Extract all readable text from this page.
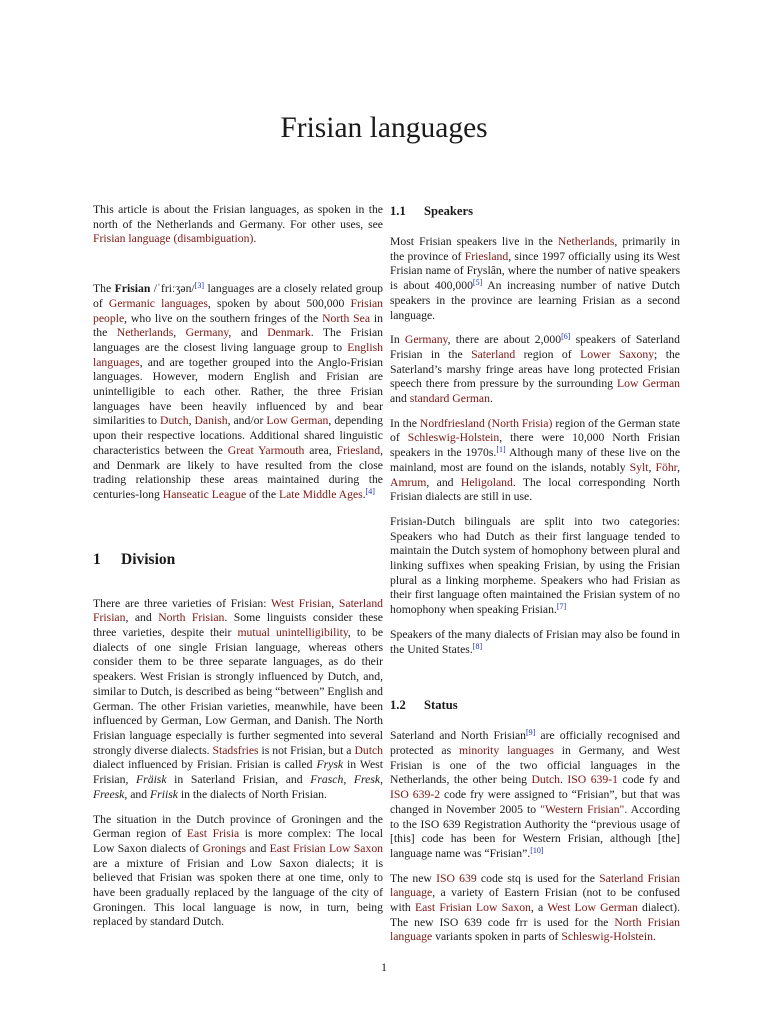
Frisian languages

This article is about the Frisian languages, as spoken in the north of the Netherlands and Germany. For other uses, see Frisian language (disambiguation).

The Frisian /ˈfriːʒən/[3] languages are a closely related group of Germanic languages, spoken by about 500,000 Frisian people, who live on the southern fringes of the North Sea in the Netherlands, Germany, and Denmark. The Frisian languages are the closest living language group to English languages, and are together grouped into the Anglo-Frisian languages. However, modern English and Frisian are unintelligible to each other. Rather, the three Frisian languages have been heavily influenced by and bear similarities to Dutch, Danish, and/or Low German, depending upon their respective locations. Additional shared linguistic characteristics between the Great Yarmouth area, Friesland, and Denmark are likely to have resulted from the close trading relationship these areas maintained during the centuries-long Hanseatic League of the Late Middle Ages.[4]

1 Division

There are three varieties of Frisian: West Frisian, Saterland Frisian, and North Frisian. Some linguists consider these three varieties, despite their mutual unintelligibility, to be dialects of one single Frisian language, whereas others consider them to be three separate languages, as do their speakers. West Frisian is strongly influenced by Dutch, and, similar to Dutch, is described as being “between” English and German. The other Frisian varieties, meanwhile, have been influenced by German, Low German, and Danish. The North Frisian language especially is further segmented into several strongly diverse dialects. Stadsfries is not Frisian, but a Dutch dialect influenced by Frisian. Frisian is called Frysk in West Frisian, Fräisk in Saterland Frisian, and Frasch, Fresk, Freesk, and Friisk in the dialects of North Frisian.

The situation in the Dutch province of Groningen and the German region of East Frisia is more complex: The local Low Saxon dialects of Gronings and East Frisian Low Saxon are a mixture of Frisian and Low Saxon dialects; it is believed that Frisian was spoken there at one time, only to have been gradually replaced by the language of the city of Groningen. This local language is now, in turn, being replaced by standard Dutch.

1.1 Speakers

Most Frisian speakers live in the Netherlands, primarily in the province of Friesland, since 1997 officially using its West Frisian name of Fryslân, where the number of native speakers is about 400,000[5] An increasing number of native Dutch speakers in the province are learning Frisian as a second language.

In Germany, there are about 2,000[6] speakers of Saterland Frisian in the Saterland region of Lower Saxony; the Saterland’s marshy fringe areas have long protected Frisian speech there from pressure by the surrounding Low German and standard German.

In the Nordfriesland (North Frisia) region of the German state of Schleswig-Holstein, there were 10,000 North Frisian speakers in the 1970s.[1] Although many of these live on the mainland, most are found on the islands, notably Sylt, Föhr, Amrum, and Heligoland. The local corresponding North Frisian dialects are still in use.

Frisian-Dutch bilinguals are split into two categories: Speakers who had Dutch as their first language tended to maintain the Dutch system of homophony between plural and linking suffixes when speaking Frisian, by using the Frisian plural as a linking morpheme. Speakers who had Frisian as their first language often maintained the Frisian system of no homophony when speaking Frisian.[7]

Speakers of the many dialects of Frisian may also be found in the United States.[8]

1.2 Status

Saterland and North Frisian[9] are officially recognised and protected as minority languages in Germany, and West Frisian is one of the two official languages in the Netherlands, the other being Dutch. ISO 639-1 code fy and ISO 639-2 code fry were assigned to “Frisian”, but that was changed in November 2005 to "Western Frisian". According to the ISO 639 Registration Authority the “previous usage of [this] code has been for Western Frisian, although [the] language name was “Frisian”.[10]

The new ISO 639 code stq is used for the Saterland Frisian language, a variety of Eastern Frisian (not to be confused with East Frisian Low Saxon, a West Low German dialect). The new ISO 639 code frr is used for the North Frisian language variants spoken in parts of Schleswig-Holstein.

1
